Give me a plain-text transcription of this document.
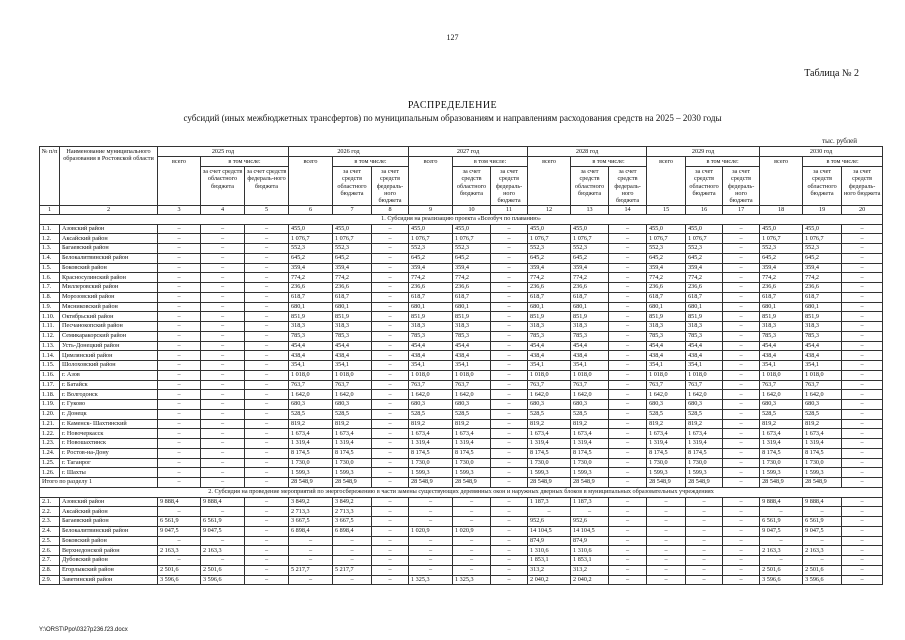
127
Таблица № 2
РАСПРЕДЕЛЕНИЕ
субсидий (иных межбюджетных трансфертов) по муниципальным образованиям и направлениям расходования средств на 2025 – 2030 годы
тыс. рублей
№ п/п	Наименование муниципального образования в Ростовской области	2025 год			2026 год			2027 год			2028 год			2029 год			2030 год		
		всего	в том числе:		всего	в том числе:		всего	в том числе:		всего	в том числе:		всего	в том числе:		всего	в том числе:	
			за счет средств областного бюджета	за счет средств федераль-ного бюджета		за счет средств областного бюджета	за счет средств федераль-ного бюджета		за счет средств областного бюджета	за счет средств федераль-ного бюджета		за счет средств областного бюджета	за счет средств федераль-ного бюджета		за счет средств областного бюджета	за счет средств федераль-ного бюджета		за счет средств областного бюджета	за счет средств федераль-ного бюджета
1	2	3	4	5	6	7	8	9	10	11	12	13	14	15	16	17	18	19	20
1. Субсидия на реализацию проекта «Всеобуч по плаванию»																			
1.1.	Азовский район	–	–	–	455,0	455,0	–	455,0	455,0	–	455,0	455,0	–	455,0	455,0	–	455,0	455,0	–
1.2.	Аксайский район	–	–	–	1 076,7	1 076,7	–	1 076,7	1 076,7	–	1 076,7	1 076,7	–	1 076,7	1 076,7	–	1 076,7	1 076,7	–
1.3.	Багаевский район	–	–	–	552,3	552,3	–	552,3	552,3	–	552,3	552,3	–	552,3	552,3	–	552,3	552,3	–
1.4.	Белокалитвинский район	–	–	–	645,2	645,2	–	645,2	645,2	–	645,2	645,2	–	645,2	645,2	–	645,2	645,2	–
1.5.	Боковский район	–	–	–	359,4	359,4	–	359,4	359,4	–	359,4	359,4	–	359,4	359,4	–	359,4	359,4	–
1.6.	Красносулинский район	–	–	–	774,2	774,2	–	774,2	774,2	–	774,2	774,2	–	774,2	774,2	–	774,2	774,2	–
1.7.	Миллеровский район	–	–	–	236,6	236,6	–	236,6	236,6	–	236,6	236,6	–	236,6	236,6	–	236,6	236,6	–
1.8.	Морозовский район	–	–	–	618,7	618,7	–	618,7	618,7	–	618,7	618,7	–	618,7	618,7	–	618,7	618,7	–
1.9.	Мясниковский район	–	–	–	680,1	680,1	–	680,1	680,1	–	680,1	680,1	–	680,1	680,1	–	680,1	680,1	–
1.10.	Октябрьский район	–	–	–	851,9	851,9	–	851,9	851,9	–	851,9	851,9	–	851,9	851,9	–	851,9	851,9	–
1.11.	Песчанокопский район	–	–	–	318,3	318,3	–	318,3	318,3	–	318,3	318,3	–	318,3	318,3	–	318,3	318,3	–
1.12.	Семикаракорский район	–	–	–	785,3	785,3	–	785,3	785,3	–	785,3	785,3	–	785,3	785,3	–	785,3	785,3	–
1.13.	Усть-Донецкий район	–	–	–	454,4	454,4	–	454,4	454,4	–	454,4	454,4	–	454,4	454,4	–	454,4	454,4	–
1.14.	Цимлянский район	–	–	–	438,4	438,4	–	438,4	438,4	–	438,4	438,4	–	438,4	438,4	–	438,4	438,4	–
1.15.	Шолоховский район	–	–	–	354,1	354,1	–	354,1	354,1	–	354,1	354,1	–	354,1	354,1	–	354,1	354,1	–
1.16.	г. Азов	–	–	–	1 018,0	1 018,0	–	1 018,0	1 018,0	–	1 018,0	1 018,0	–	1 018,0	1 018,0	–	1 018,0	1 018,0	–
1.17.	г. Батайск	–	–	–	763,7	763,7	–	763,7	763,7	–	763,7	763,7	–	763,7	763,7	–	763,7	763,7	–
1.18.	г. Волгодонск	–	–	–	1 642,0	1 642,0	–	1 642,0	1 642,0	–	1 642,0	1 642,0	–	1 642,0	1 642,0	–	1 642,0	1 642,0	–
1.19.	г. Гуково	–	–	–	680,3	680,3	–	680,3	680,3	–	680,3	680,3	–	680,3	680,3	–	680,3	680,3	–
1.20.	г. Донецк	–	–	–	528,5	528,5	–	528,5	528,5	–	528,5	528,5	–	528,5	528,5	–	528,5	528,5	–
1.21.	г. Каменск- Шахтинский	–	–	–	819,2	819,2	–	819,2	819,2	–	819,2	819,2	–	819,2	819,2	–	819,2	819,2	–
1.22.	г. Новочеркасск	–	–	–	1 673,4	1 673,4	–	1 673,4	1 673,4	–	1 673,4	1 673,4	–	1 673,4	1 673,4	–	1 673,4	1 673,4	–
1.23.	г. Новошахтинск	–	–	–	1 319,4	1 319,4	–	1 319,4	1 319,4	–	1 319,4	1 319,4	–	1 319,4	1 319,4	–	1 319,4	1 319,4	–
1.24.	г. Ростов-на-Дону	–	–	–	8 174,5	8 174,5	–	8 174,5	8 174,5	–	8 174,5	8 174,5	–	8 174,5	8 174,5	–	8 174,5	8 174,5	–
1.25.	г. Таганрог	–	–	–	1 730,0	1 730,0	–	1 730,0	1 730,0	–	1 730,0	1 730,0	–	1 730,0	1 730,0	–	1 730,0	1 730,0	–
1.26.	г. Шахты	–	–	–	1 599,3	1 599,3	–	1 599,3	1 599,3	–	1 599,3	1 599,3	–	1 599,3	1 599,3	–	1 599,3	1 599,3	–
Итого по разделу 1		–	–	–	28 548,9	28 548,9	–	28 548,9	28 548,9	–	28 548,9	28 548,9	–	28 548,9	28 548,9	–	28 548,9	28 548,9	–
2. Субсидия на проведение мероприятий по энергосбережению в части замены существующих деревянных окон и наружных дверных блоков в муниципальных образовательных учреждениях																			
2.1.	Азовский район	9 888,4	9 888,4	–	3 849,2	3 849,2	–	–	–	–	1 187,3	1 187,3	–	–	–	–	9 888,4	9 888,4	–
2.2.	Аксайский район	–	–	–	2 713,3	2 713,3	–	–	–	–	–	–	–	–	–	–	–	–	–
2.3.	Багаевский район	6 561,9	6 561,9	–	3 667,5	3 667,5	–	–	–	–	952,6	952,6	–	–	–	–	6 561,9	6 561,9	–
2.4.	Белокалитвинский район	9 047,5	9 047,5	–	6 898,4	6 898,4	–	1 020,9	1 020,9	–	14 104,5	14 104,5	–	–	–	–	9 047,5	9 047,5	–
2.5.	Боковский район	–	–	–	–	–	–	–	–	–	874,9	874,9	–	–	–	–	–	–	–
2.6.	Верхнедонской район	2 163,3	2 163,3	–	–	–	–	–	–	–	1 310,6	1 310,6	–	–	–	–	2 163,3	2 163,3	–
2.7.	Дубовский район	–	–	–	–	–	–	–	–	–	1 853,1	1 853,1	–	–	–	–	–	–	–
2.8.	Егорлыкский район	2 501,6	2 501,6	–	5 217,7	5 217,7	–	–	–	–	313,2	313,2	–	–	–	–	2 501,6	2 501,6	–
2.9.	Заветинский район	3 596,6	3 596,6	–	–	–	–	1 325,3	1 325,3	–	2 040,2	2 040,2	–	–	–	–	3 596,6	3 596,6	–
Y:\ORST\Ppo\0327p236.f23.docx
